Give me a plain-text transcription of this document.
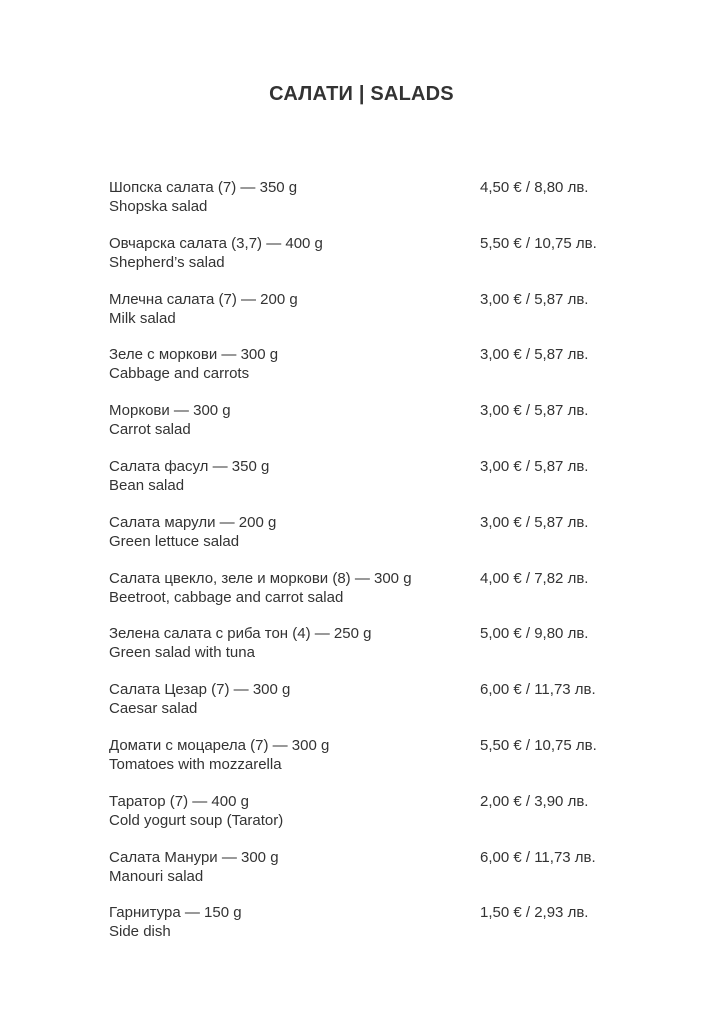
САЛАТИ | SALADS
Шопска салата (7) — 350 g
Shopska salad
4,50 € / 8,80 лв.
Овчарска салата (3,7) — 400 g
Shepherd’s salad
5,50 € / 10,75 лв.
Млечна салата (7) — 200 g
Milk salad
3,00 € / 5,87 лв.
Зеле с моркови — 300 g
Cabbage and carrots
3,00 € / 5,87 лв.
Моркови — 300 g
Carrot salad
3,00 € / 5,87 лв.
Салата фасул — 350 g
Bean salad
3,00 € / 5,87 лв.
Салата марули — 200 g
Green lettuce salad
3,00 € / 5,87 лв.
Салата цвекло, зеле и моркови (8) — 300 g
Beetroot, cabbage and carrot salad
4,00 € / 7,82 лв.
Зелена салата с риба тон (4) — 250 g
Green salad with tuna
5,00 € / 9,80 лв.
Салата Цезар (7) — 300 g
Caesar salad
6,00 € / 11,73 лв.
Домати с моцарела (7) — 300 g
Tomatoes with mozzarella
5,50 € / 10,75 лв.
Таратор (7) — 400 g
Cold yogurt soup (Tarator)
2,00 € / 3,90 лв.
Салата Манури — 300 g
Manouri salad
6,00 € / 11,73 лв.
Гарнитура — 150 g
Side dish
1,50 € / 2,93 лв.
